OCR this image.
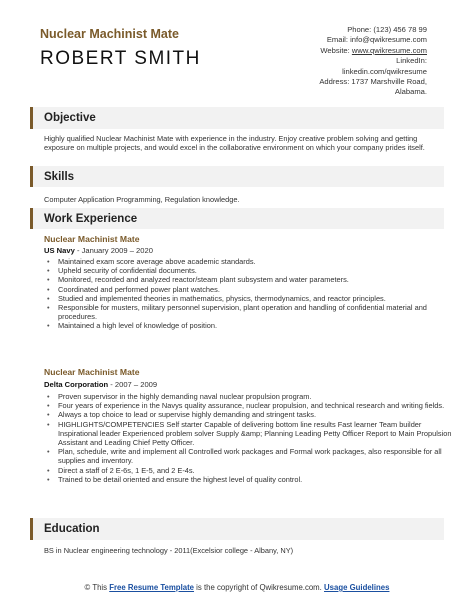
Nuclear Machinist Mate
ROBERT SMITH
Phone: (123) 456 78 99
Email: info@qwikresume.com
Website: www.qwikresume.com
LinkedIn:
linkedin.com/qwikresume
Address: 1737 Marshville Road,
Alabama.
Objective
Highly qualified Nuclear Machinist Mate with experience in the industry. Enjoy creative problem solving and getting exposure on multiple projects, and would excel in the collaborative environment on which your company prides itself.
Skills
Computer Application Programming, Regulation knowledge.
Work Experience
Nuclear Machinist Mate
US Navy - January 2009 – 2020
• Maintained exam score average above academic standards.
• Upheld security of confidential documents.
• Monitored, recorded and analyzed reactor/steam plant subsystem and water parameters.
• Coordinated and performed power plant watches.
• Studied and implemented theories in mathematics, physics, thermodynamics, and reactor principles.
• Responsible for musters, military personnel supervision, plant operation and handling of confidential material and procedures.
• Maintained a high level of knowledge of position.
Nuclear Machinist Mate
Delta Corporation - 2007 – 2009
• Proven supervisor in the highly demanding naval nuclear propulsion program.
• Four years of experience in the Navys quality assurance, nuclear propulsion, and technical research and writing fields.
• Always a top choice to lead or supervise highly demanding and stringent tasks.
• HIGHLIGHTS/COMPETENCIES Self starter Capable of delivering bottom line results Fast learner Team builder Inspirational leader Experienced problem solver Supply &amp; Planning Leading Petty Officer Report to Main Propulsion Assistant and Leading Chief Petty Officer.
• Plan, schedule, write and implement all Controlled work packages and Formal work packages, also responsible for all supplies and inventory.
• Direct a staff of 2 E-6s, 1 E-5, and 2 E-4s.
• Trained to be detail oriented and ensure the highest level of quality control.
Education
BS in Nuclear engineering technology - 2011(Excelsior college - Albany, NY)
© This Free Resume Template is the copyright of Qwikresume.com. Usage Guidelines
